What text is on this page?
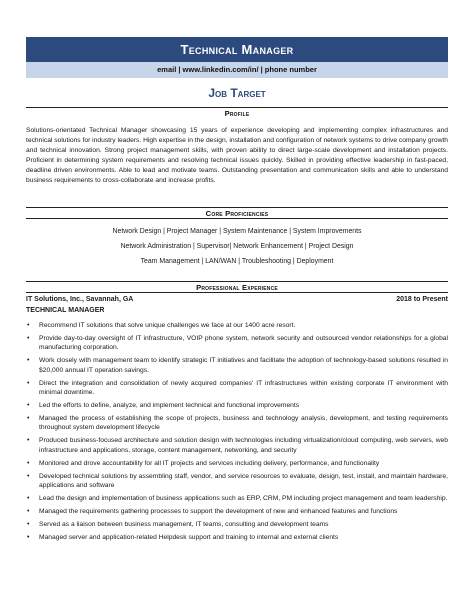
Technical Manager
email | www.linkedin.com/in/ | phone number
Job Target
Profile
Solutions-orientated Technical Manager showcasing 15 years of experience developing and implementing complex infrastructures and technical solutions for industry leaders. High expertise in the design, installation and configuration of network systems to drive company growth and technical innovation. Strong project management skills, with proven ability to direct large-scale development and installation projects. Proficient in determining system requirements and resolving technical issues quickly. Skilled in providing effective leadership in fast-paced, deadline driven environments. Able to lead and motivate teams. Outstanding presentation and communication skills and able to understand business requirements to cross-collaborate and increase profits.
Core Proficiencies
Network Design | Project Manager | System Maintenance | System Improvements
Network Administration | Supervisor| Network Enhancement | Project Design
Team Management | LAN/WAN | Troubleshooting | Deployment
Professional Experience
IT Solutions, Inc., Savannah, GA	2018 to Present
TECHNICAL MANAGER
• Recommend IT solutions that solve unique challenges we face at our 1400 acre resort.
• Provide day-to-day oversight of IT infrastructure, VOIP phone system, network security and outsourced vendor relationships for a global manufacturing corporation.
• Work closely with management team to identify strategic IT initiatives and facilitate the adoption of technology-based solutions resulted in $20,000 annual IT operation savings.
• Direct the integration and consolidation of newly acquired companies' IT infrastructures within existing corporate IT environment with minimal downtime.
• Led the efforts to define, analyze, and implement technical and functional improvements
• Managed the process of establishing the scope of projects, business and technology analysis, development, and testing requirements throughout system development lifecycle
• Produced business-focused architecture and solution design with technologies including virtualization/cloud computing, web servers, web infrastructure and applications, storage, content management, networking, and security
• Monitored and drove accountability for all IT projects and services including delivery, performance, and functionality
• Developed technical solutions by assembling staff, vendor, and service resources to evaluate, design, test, install, and maintain hardware, applications and software
• Lead the design and implementation of business applications such as ERP, CRM, PM including project management and team leadership.
• Managed the requirements gathering processes to support the development of new and enhanced features and functions
• Served as a liaison between business management, IT teams, consulting and development teams
• Managed server and application-related Helpdesk support and training to internal and external clients
